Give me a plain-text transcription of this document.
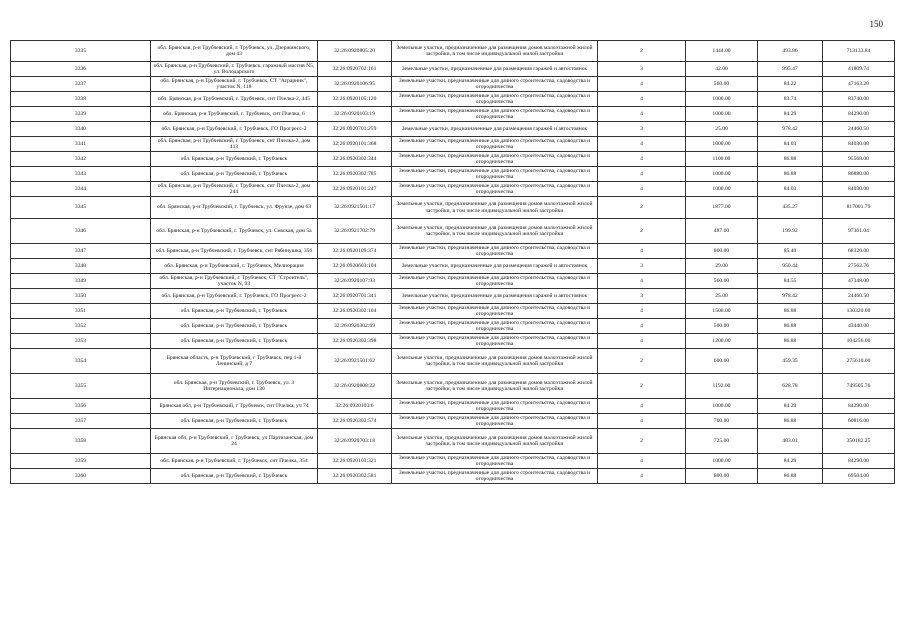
150
3335	обл. Брянская, р-н Трубчевский, г. Трубчевск, ул. Дзержинского, дом 43	32:26:0920805:20	Земельные участки, предназначенные для размещения домов малоэтажной жилой застройки, в том числе индивидуальной жилой застройки	2	1444.00	493.86	713133.84
3336	обл. Брянская, р-н Трубчевский, г. Трубчевск, гаражный массив N5, ул. Володарского	32:26:0920702:161	Земельные участки, предназначенные для размещения гаражей и автостоянок	3	42.00	995.47	41809.74
3337	обл. Брянская, р-н Трубчевский, г. Трубчевск, СТ "Аграрник", участок N, 118	32:26:0920106:95	Земельные участки, предназначенные для дачного строительства, садоводства и огородничества	4	560.00	84.22	47163.20
3338	обл. Брянская, р-н Трубчевский, г. Трубчевск, снт Пчелка-2, 445	32:26:0920105:120	Земельные участки, предназначенные для дачного строительства, садоводства и огородничества	4	1000.00	83.74	83740.00
3339	обл. Брянская, р-н Трубчевский, г. Трубчевск, снт Пчелка, 6	32:26:0920103:19	Земельные участки, предназначенные для дачного строительства, садоводства и огородничества	4	1000.00	84.29	84290.00
3340	обл. Брянская, р-н Трубчевский, г. Трубчевск, ГО Прогресс-2	32:26:0920701:259	Земельные участки, предназначенные для размещения гаражей и автостоянок	3	25.00	978.42	24460.50
3341	обл. Брянская, р-н Трубчевский, г. Трубчевск, снт Пчелка-2, дом 413	32:26:0920101:368	Земельные участки, предназначенные для дачного строительства, садоводства и огородничества	4	1000.00	84.03	84030.00
3342	обл. Брянская, р-н Трубчевский, г. Трубчевск	32:26:0920302:344	Земельные участки, предназначенные для дачного строительства, садоводства и огородничества	4	1100.00	86.88	95568.00
3343	обл. Брянская, р-н Трубчевский, г. Трубчевск	32:26:0920302:785	Земельные участки, предназначенные для дачного строительства, садоводства и огородничества	4	1000.00	86.88	86880.00
3344	обл. Брянская, р-н Трубчевский, г. Трубчевск, снт Пчелка-2, дом 244	32:26:0920101:247	Земельные участки, предназначенные для дачного строительства, садоводства и огородничества	4	1000.00	84.03	84030.00
3345	обл. Брянская, р-н Трубчевский, г. Трубчевск, ул. Фрунзе, дом 63	32:26:0921501:17	Земельные участки, предназначенные для размещения домов малоэтажной жилой застройки, в том числе индивидуальной жилой застройки	2	1877.00	435.27	817001.79
3346	обл. Брянская, р-н Трубчевский, г. Трубчевск, ул. Севская, дом 5а	32:26:0921702:79	Земельные участки, предназначенные для размещения домов малоэтажной жилой застройки, в том числе индивидуальной жилой застройки	2	487.00	199.92	97361.04
3347	обл. Брянская, р-н Трубчевский, г. Трубчевск, снт Рябинушка, 356	32:26:0920109:374	Земельные участки, предназначенные для дачного строительства, садоводства и огородничества	4	800.00	85.40	68320.00
3348	обл. Брянская, р-н Трубчевский, г. Трубчевск, Мелиорация	32:26:0920603:104	Земельные участки, предназначенные для размещения гаражей и автостоянок	3	29.00	950.44	27562.76
3349	обл. Брянская, р-н Трубчевский, г. Трубчевск, СТ "Строитель", участок N, 93	32:26:0920107:93	Земельные участки, предназначенные для дачного строительства, садоводства и огородничества	4	560.00	84.55	47348.00
3350	обл. Брянская, р-н Трубчевский, г. Трубчевск, ГО Прогресс-2	32:26:0920701:341	Земельные участки, предназначенные для размещения гаражей и автостоянок	3	25.00	978.42	24460.50
3351	обл. Брянская, р-н Трубчевский, г. Трубчевск	32:26:0920302:104	Земельные участки, предназначенные для дачного строительства, садоводства и огородничества	4	1500.00	86.88	130320.00
3352	обл. Брянская, р-н Трубчевский, г. Трубчевск	32:26:0920302:69	Земельные участки, предназначенные для дачного строительства, садоводства и огородничества	4	500.00	86.88	43440.00
3353	обл. Брянская, р-н Трубчевский, г. Трубчевск	32:26:0920302:398	Земельные участки, предназначенные для дачного строительства, садоводства и огородничества	4	1200.00	86.88	104256.00
3354	Брянская область, р-н Трубчевский, г Трубчевск, пер 1-й Ленинский, д 7	32:26:0921501:62	Земельные участки, предназначенные для размещения домов малоэтажной жилой застройки, в том числе индивидуальной жилой застройки	2	600.00	459.35	275610.00
3355	обл. Брянская, р-н Трубчевский, г. Трубчевск, ул. 3 Интернационала, дом 130	32:26:0920808:22	Земельные участки, предназначенные для размещения домов малоэтажной жилой застройки, в том числе индивидуальной жилой застройки	2	1192.00	628.78	749505.76
3356	Брянская обл, р-н Трубчевский, г Трубчевск, снт Пчелка, уч 74	32:26:0920103:6	Земельные участки, предназначенные для дачного строительства, садоводства и огородничества	4	1000.00	84.29	84290.00
3357	обл. Брянская, р-н Трубчевский, г. Трубчевск	32:26:0920302:574	Земельные участки, предназначенные для дачного строительства, садоводства и огородничества	4	700.00	86.88	60816.00
3358	Брянская обл, р-н Трубчевский, г Трубчевск, ул Партизанская, дом 24	32:26:0920703:18	Земельные участки, предназначенные для размещения домов малоэтажной жилой застройки, в том числе индивидуальной жилой застройки	2	725.00	483.01	350182.25
3359	обл. Брянская, р-н Трубчевский, г. Трубчевск, снт Пчелка, 354	32:26:0920103:321	Земельные участки, предназначенные для дачного строительства, садоводства и огородничества	4	1000.00	84.29	84290.00
3360	обл. Брянская, р-н Трубчевский, г. Трубчевск	32:26:0920302:581	Земельные участки, предназначенные для дачного строительства, садоводства и огородничества	4	800.00	86.88	69504.00
